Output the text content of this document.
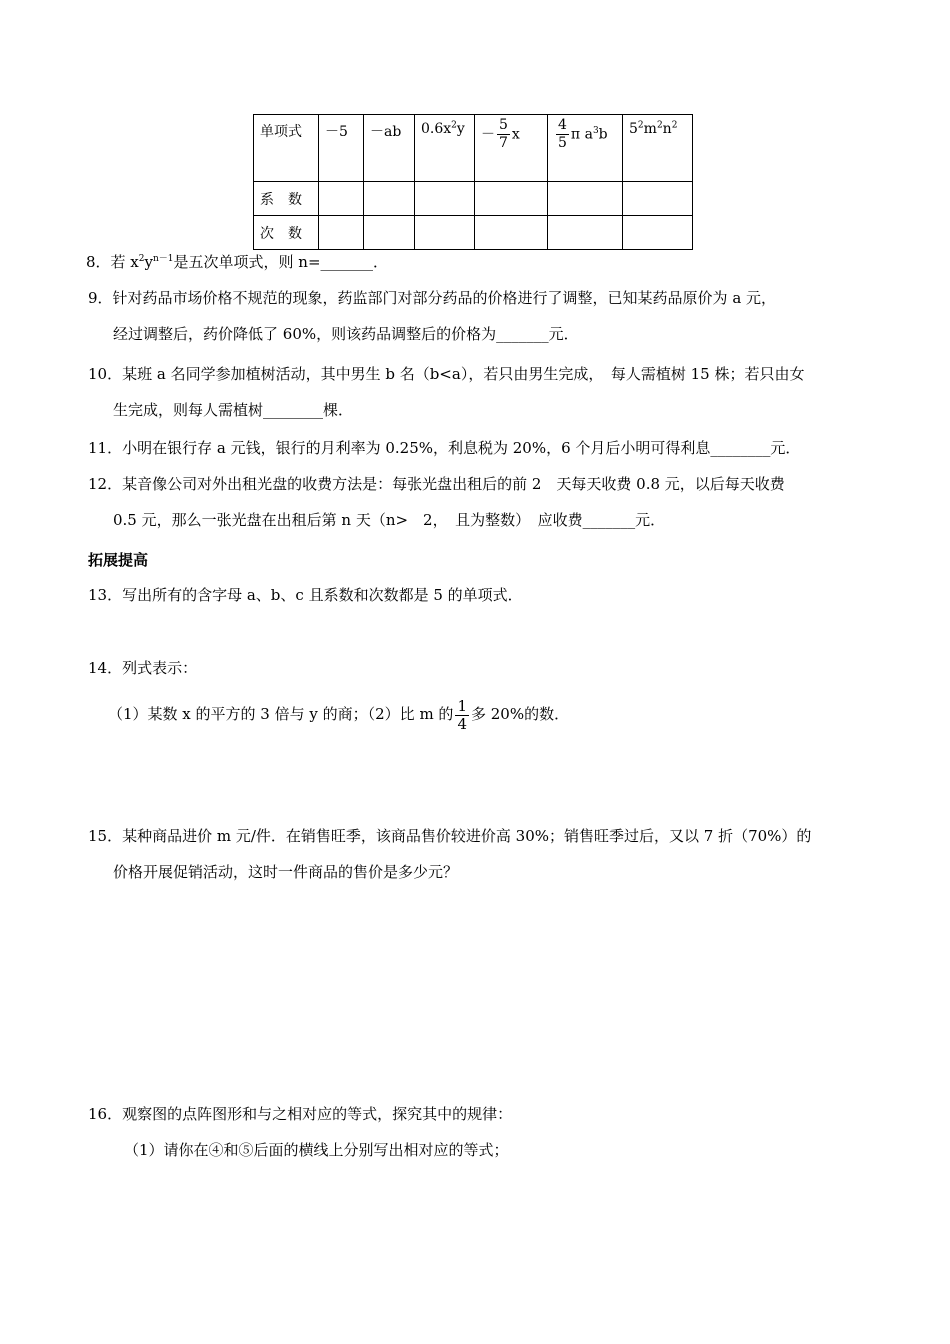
单项式	－5	－ab	$0.6x^2y$	－ $\frac{5}{7}$ x	$\frac{4}{5}$ π $a^3b$	$5^2m^2n^2$
系　数						
次　数						
8．若 $x^2y^{n-1}$是五次单项式，则 n=_______．
9．针对药品市场价格不规范的现象，药监部门对部分药品的价格进行了调整，已知某药品原价为 a 元，
经过调整后，药价降低了 60%，则该药品调整后的价格为_______元．
10．某班 a 名同学参加植树活动，其中男生 b 名（b<a），若只由男生完成，　每人需植树 15 株；若只由女
生完成，则每人需植树________棵．
11．小明在银行存 a 元钱，银行的月利率为 0.25%，利息税为 20%，6 个月后小明可得利息________元．
12．某音像公司对外出租光盘的收费方法是：每张光盘出租后的前 2　天每天收费 0.8 元，以后每天收费
0.5 元，那么一张光盘在出租后第 n 天（n>　2，　且为整数）　应收费_______元．
拓展提高
13．写出所有的含字母 a、b、c 且系数和次数都是 5 的单项式．
14．列式表示：
（1）某数 x 的平方的 3 倍与 y 的商；（2）比 m 的 $\frac{1}{4}$ 多 20%的数．
15．某种商品进价 m 元/件．在销售旺季，该商品售价较进价高 30%；销售旺季过后，又以 7 折（70%）的
价格开展促销活动，这时一件商品的售价是多少元？
16．观察图的点阵图形和与之相对应的等式，探究其中的规律：
（1）请你在④和⑤后面的横线上分别写出相对应的等式；
